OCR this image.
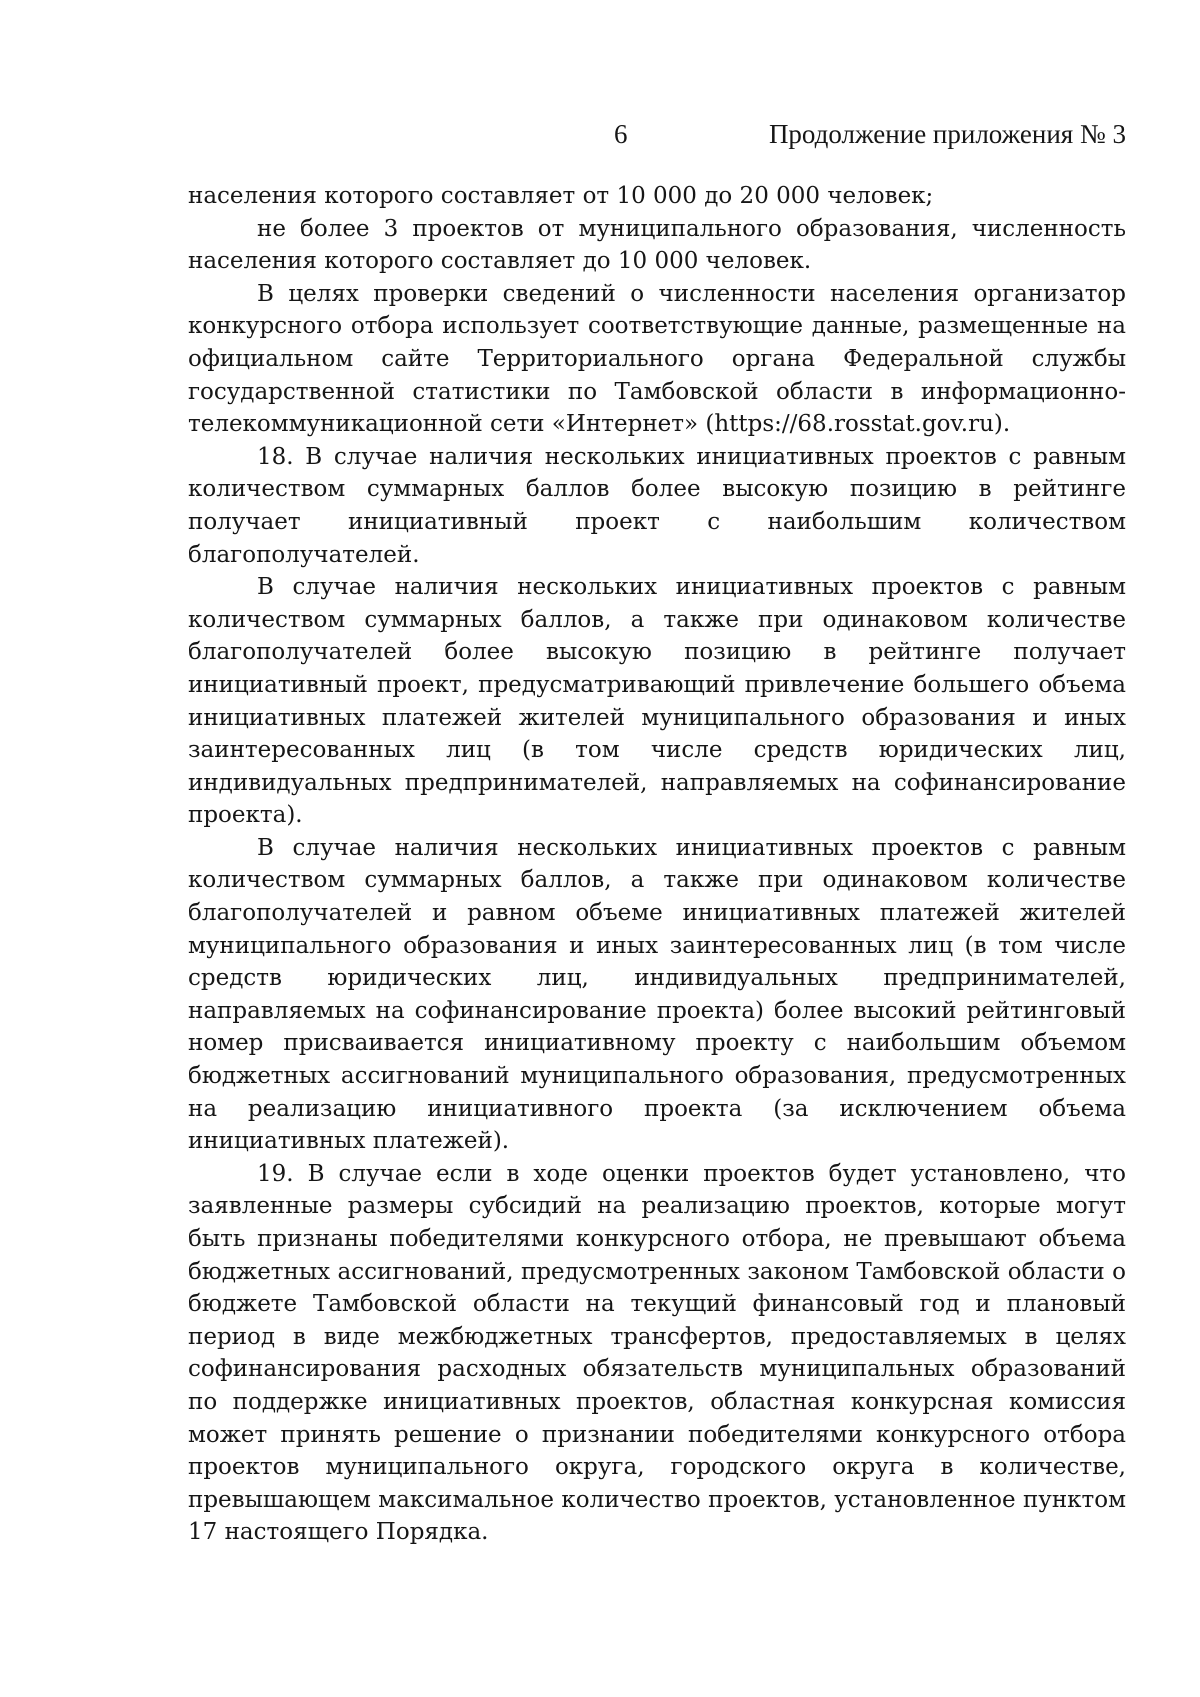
6	Продолжение приложения № 3

населения которого составляет от 10 000 до 20 000 человек;

не более 3 проектов от муниципального образования, численность населения которого составляет до 10 000 человек.

В целях проверки сведений о численности населения организатор конкурсного отбора использует соответствующие данные, размещенные на официальном сайте Территориального органа Федеральной службы государственной статистики по Тамбовской области в информационно-телекоммуникационной сети «Интернет» (https://68.rosstat.gov.ru).

18. В случае наличия нескольких инициативных проектов с равным количеством суммарных баллов более высокую позицию в рейтинге получает инициативный проект с наибольшим количеством благополучателей.

В случае наличия нескольких инициативных проектов с равным количеством суммарных баллов, а также при одинаковом количестве благополучателей более высокую позицию в рейтинге получает инициативный проект, предусматривающий привлечение большего объема инициативных платежей жителей муниципального образования и иных заинтересованных лиц (в том числе средств юридических лиц, индивидуальных предпринимателей, направляемых на софинансирование проекта).

В случае наличия нескольких инициативных проектов с равным количеством суммарных баллов, а также при одинаковом количестве благополучателей и равном объеме инициативных платежей жителей муниципального образования и иных заинтересованных лиц (в том числе средств юридических лиц, индивидуальных предпринимателей, направляемых на софинансирование проекта) более высокий рейтинговый номер присваивается инициативному проекту с наибольшим объемом бюджетных ассигнований муниципального образования, предусмотренных на реализацию инициативного проекта (за исключением объема инициативных платежей).

19. В случае если в ходе оценки проектов будет установлено, что заявленные размеры субсидий на реализацию проектов, которые могут быть признаны победителями конкурсного отбора, не превышают объема бюджетных ассигнований, предусмотренных законом Тамбовской области о бюджете Тамбовской области на текущий финансовый год и плановый период в виде межбюджетных трансфертов, предоставляемых в целях софинансирования расходных обязательств муниципальных образований по поддержке инициативных проектов, областная конкурсная комиссия может принять решение о признании победителями конкурсного отбора проектов муниципального округа, городского округа в количестве, превышающем максимальное количество проектов, установленное пунктом 17 настоящего Порядка.
